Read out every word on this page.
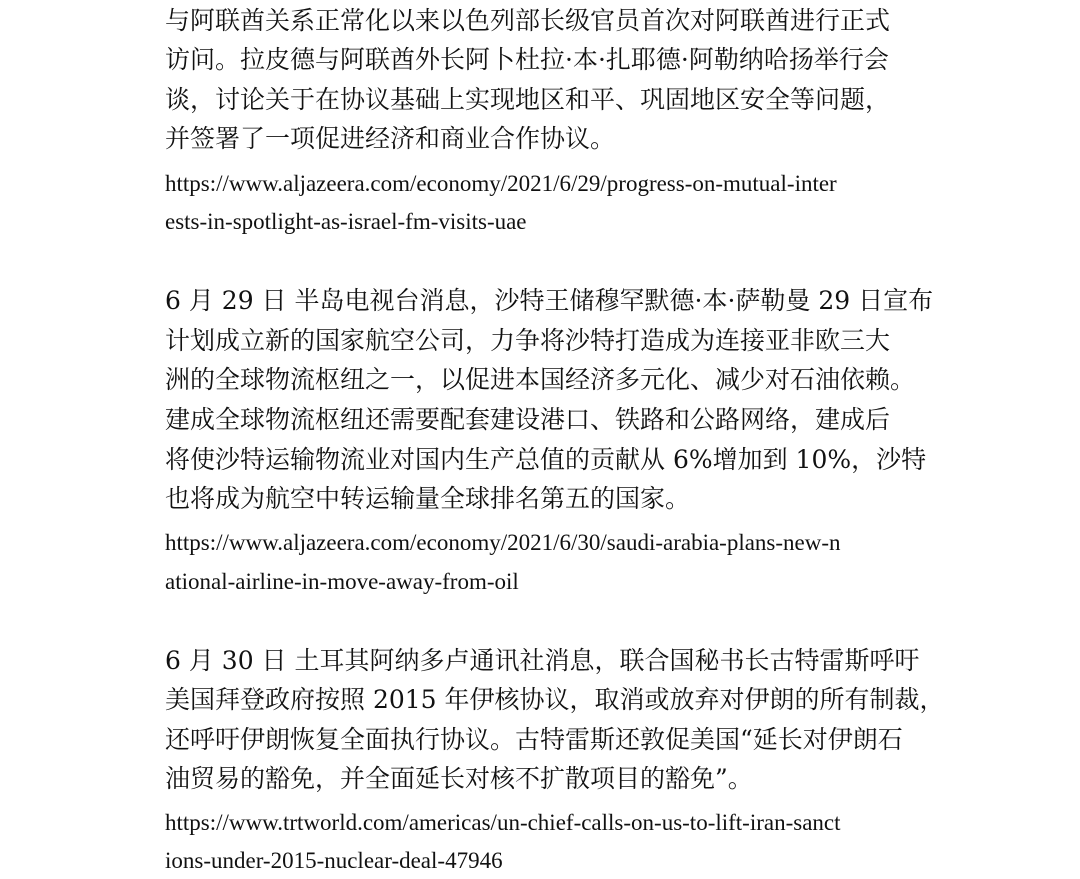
与阿联酋关系正常化以来以色列部长级官员首次对阿联酋进行正式
访问。拉皮德与阿联酋外长阿卜杜拉·本·扎耶德·阿勒纳哈扬举行会
谈，讨论关于在协议基础上实现地区和平、巩固地区安全等问题，
并签署了一项促进经济和商业合作协议。
https://www.aljazeera.com/economy/2021/6/29/progress-on-mutual-inter
ests-in-spotlight-as-israel-fm-visits-uae
6 月 29 日 半岛电视台消息，沙特王储穆罕默德·本·萨勒曼 29 日宣布
计划成立新的国家航空公司，力争将沙特打造成为连接亚非欧三大
洲的全球物流枢纽之一，以促进本国经济多元化、减少对石油依赖。
建成全球物流枢纽还需要配套建设港口、铁路和公路网络，建成后
将使沙特运输物流业对国内生产总值的贡献从 6%增加到 10%，沙特
也将成为航空中转运输量全球排名第五的国家。
https://www.aljazeera.com/economy/2021/6/30/saudi-arabia-plans-new-n
ational-airline-in-move-away-from-oil
6 月 30 日 土耳其阿纳多卢通讯社消息，联合国秘书长古特雷斯呼吁
美国拜登政府按照 2015 年伊核协议，取消或放弃对伊朗的所有制裁，
还呼吁伊朗恢复全面执行协议。古特雷斯还敦促美国“延长对伊朗石
油贸易的豁免，并全面延长对核不扩散项目的豁免”。
https://www.trtworld.com/americas/un-chief-calls-on-us-to-lift-iran-sanct
ions-under-2015-nuclear-deal-47946
